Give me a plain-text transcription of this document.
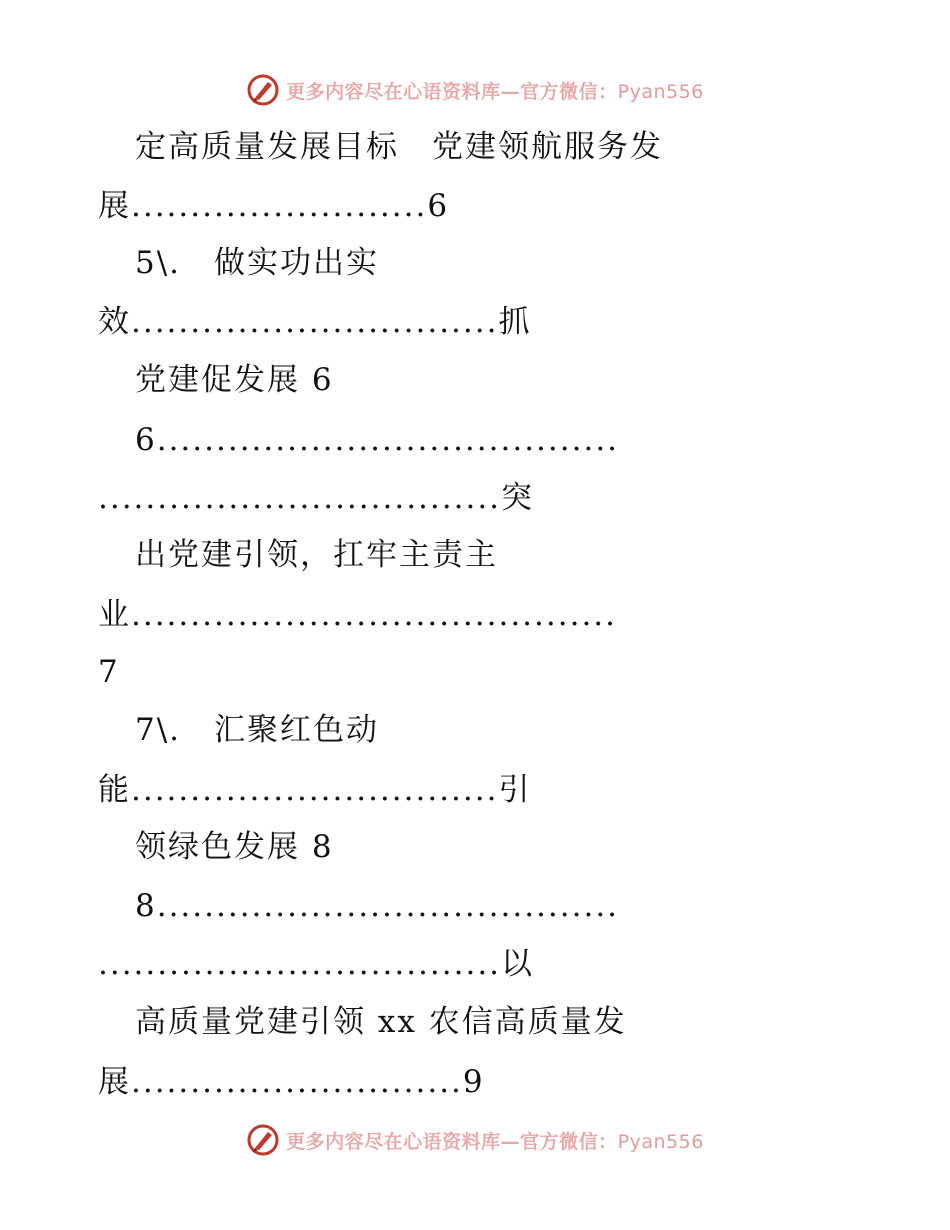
更多内容尽在心语资料库—官方微信：Pyan556
定高质量发展目标　党建领航服务发
展.........................6
5\.　做实功出实
效...............................抓
党建促发展 6
6.......................................
..................................突
出党建引领，扛牢主责主
业.........................................
7
7\.　汇聚红色动
能...............................引
领绿色发展 8
8.......................................
..................................以
高质量党建引领 xx 农信高质量发
展............................9
更多内容尽在心语资料库—官方微信：Pyan556
